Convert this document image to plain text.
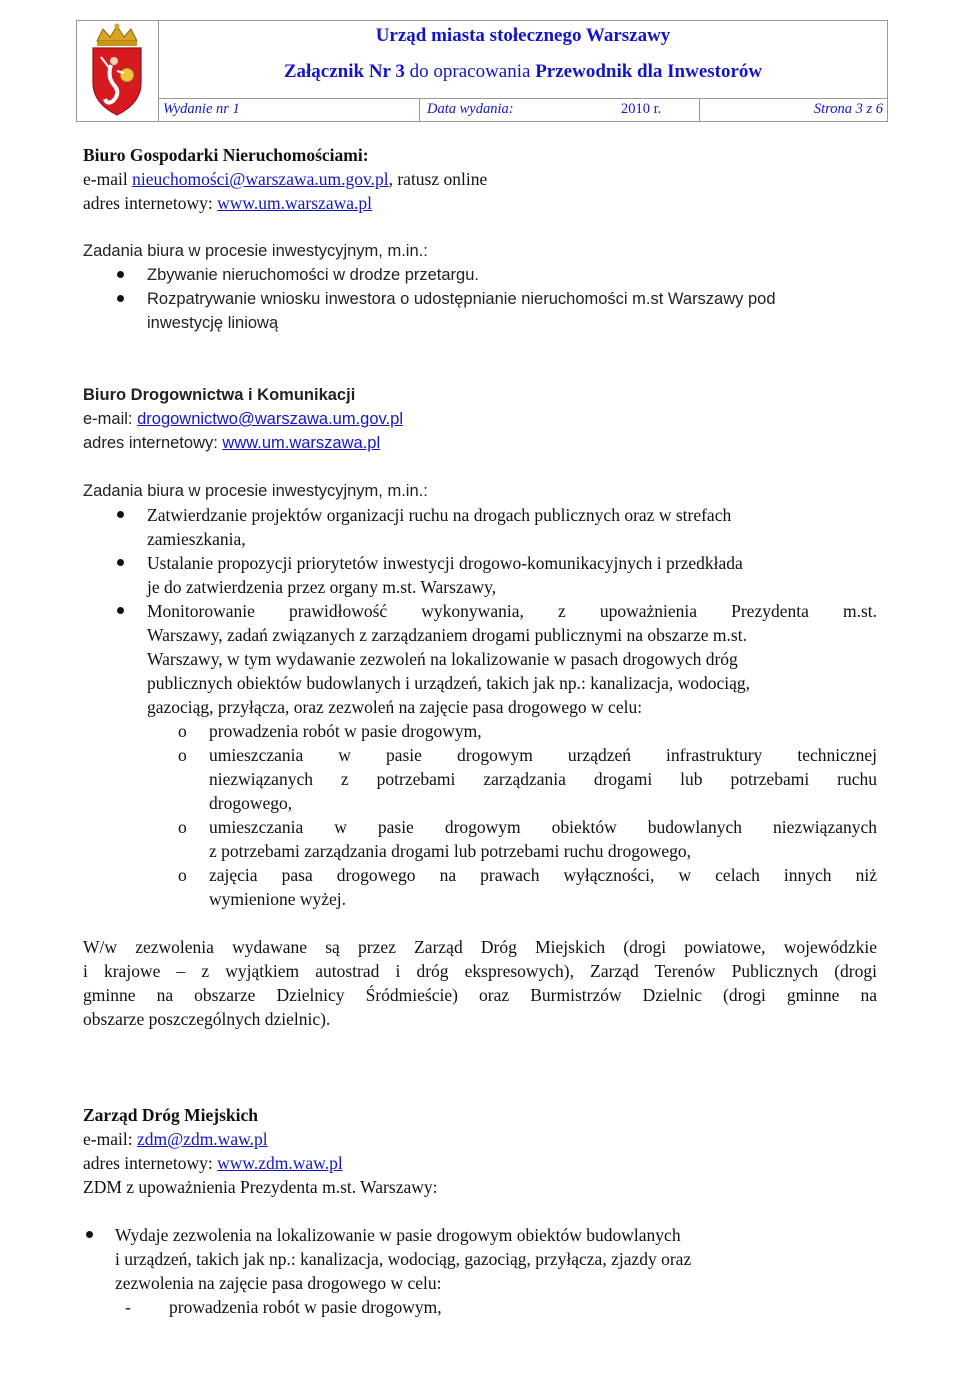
Urząd miasta stołecznego Warszawy
Załącznik Nr 3 do opracowania Przewodnik dla Inwestorów
Wydanie nr 1	Data wydania:	2010 r.	Strona 3 z 6
Biuro Gospodarki Nieruchomościami:
e-mail nieuchomości@warszawa.um.gov.pl, ratusz online
adres internetowy: www.um.warszawa.pl
Zadania biura w procesie inwestycyjnym, m.in.:
Zbywanie nieruchomości w drodze przetargu.
Rozpatrywanie wniosku inwestora o udostępnianie nieruchomości m.st Warszawy pod
inwestycję liniową
Biuro Drogownictwa i Komunikacji
e-mail: drogownictwo@warszawa.um.gov.pl
adres internetowy: www.um.warszawa.pl
Zadania biura w procesie inwestycyjnym, m.in.:
Zatwierdzanie projektów organizacji ruchu na drogach publicznych oraz w strefach
zamieszkania,
Ustalanie propozycji priorytetów inwestycji drogowo-komunikacyjnych i przedkłada
je do zatwierdzenia przez organy m.st. Warszawy,
Monitorowanie prawidłowość wykonywania, z upoważnienia Prezydenta m.st.
Warszawy, zadań związanych z zarządzaniem drogami publicznymi na obszarze m.st.
Warszawy, w tym wydawanie zezwoleń na lokalizowanie w pasach drogowych dróg
publicznych obiektów budowlanych i urządzeń, takich jak np.: kanalizacja, wodociąg,
gazociąg, przyłącza, oraz zezwoleń na zajęcie pasa drogowego w celu:
o prowadzenia robót w pasie drogowym,
o umieszczania w pasie drogowym urządzeń infrastruktury technicznej
niezwiązanych z potrzebami zarządzania drogami lub potrzebami ruchu
drogowego,
o umieszczania w pasie drogowym obiektów budowlanych niezwiązanych
z potrzebami zarządzania drogami lub potrzebami ruchu drogowego,
o zajęcia pasa drogowego na prawach wyłączności, w celach innych niż
wymienione wyżej.
W/w zezwolenia wydawane są przez Zarząd Dróg Miejskich (drogi powiatowe, wojewódzkie
i krajowe – z wyjątkiem autostrad i dróg ekspresowych), Zarząd Terenów Publicznych (drogi
gminne na obszarze Dzielnicy Śródmieście) oraz Burmistrzów Dzielnic (drogi gminne na
obszarze poszczególnych dzielnic).
Zarząd Dróg Miejskich
e-mail: zdm@zdm.waw.pl
adres internetowy: www.zdm.waw.pl
ZDM z upoważnienia Prezydenta m.st. Warszawy:
Wydaje zezwolenia na lokalizowanie w pasie drogowym obiektów budowlanych
i urządzeń, takich jak np.: kanalizacja, wodociąg, gazociąg, przyłącza, zjazdy oraz
zezwolenia na zajęcie pasa drogowego w celu:
- prowadzenia robót w pasie drogowym,
